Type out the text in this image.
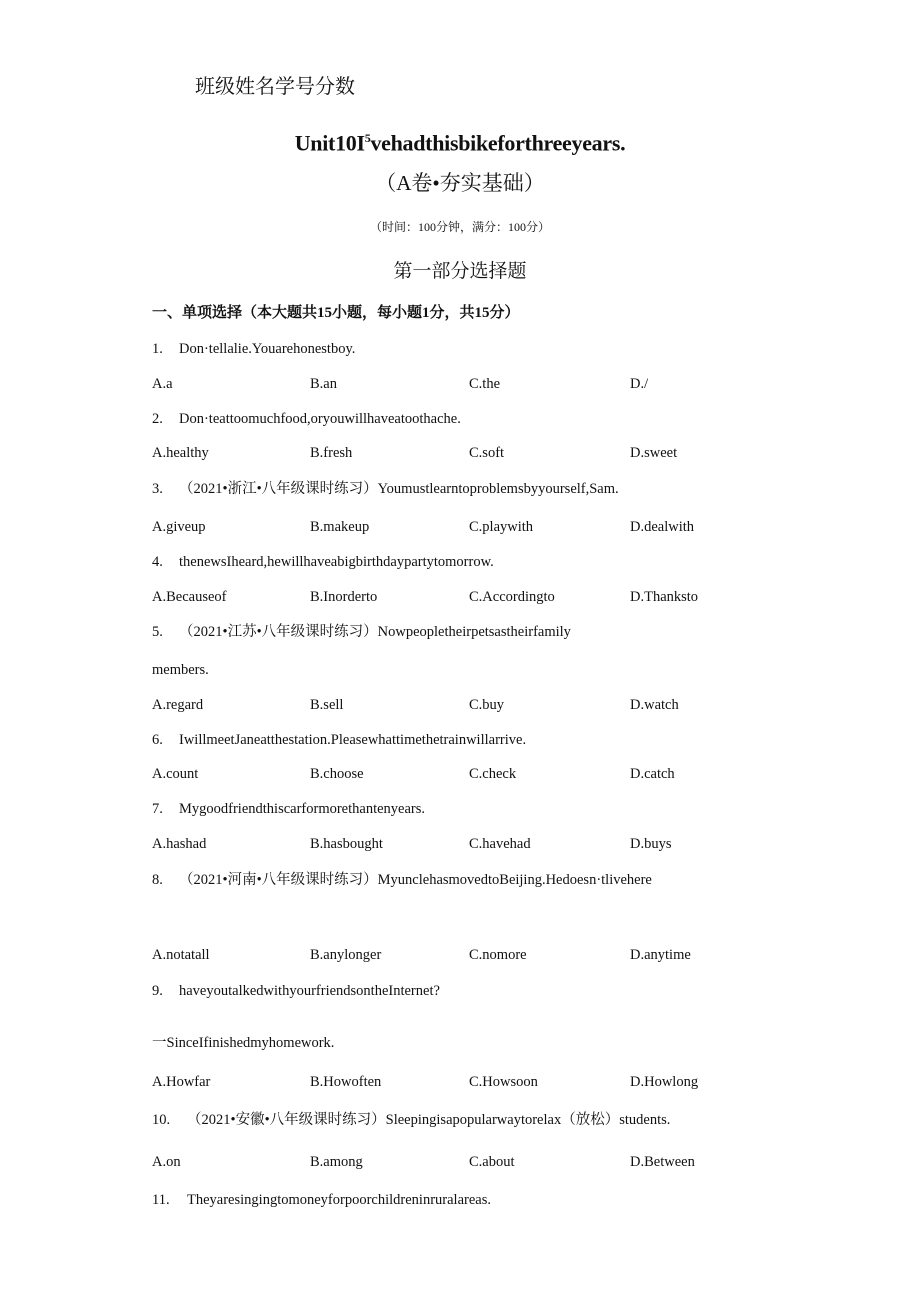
班级姓名学号分数
$Unit10I^5vehadthisbikeforthreeyears$.
（A卷•夯实基础）
（时间：100分钟，满分：100分）
第一部分选择题
一、单项选择（本大题共15小题，每小题1分，共15分）
1. Don·tellalie.Youarehonestboy.
A.a	B.an	C.the	D./
2. Don·teattoomuchfood,oryouwillhaveatoothache.
A.healthy	B.fresh	C.soft	D.sweet
3. （2021•浙江•八年级课时练习）Youmustlearntoproblemsbyyourself,Sam.
A.giveup	B.makeup	C.playwith	D.dealwith
4. thenewsIheard,hewillhaveabigbirthdaypartytomorrow.
A.Becauseof	B.Inorderto	C.Accordingto	D.Thanksto
5. （2021•江苏•八年级课时练习）Nowpeopletheirpetsastheirfamily
members.
A.regard	B.sell	C.buy	D.watch
6. IwillmeetJaneatthestation.Pleasewhattimethetrainwillarrive.
A.count	B.choose	C.check	D.catch
7. Mygoodfriendthiscarformorethantenyears.
A.hashad	B.hasbought	C.havehad	D.buys
8. （2021•河南•八年级课时练习）MyunclehasmovedtoBeijing.Hedoesn·tlivehere
A.notatall	B.anylonger	C.nomore	D.anytime
9. haveyoutalkedwithyourfriendsontheInternet?
一SinceIfinishedmyhomework.
A.Howfar	B.Howoften	C.Howsoon	D.Howlong
10. （2021•安徽•八年级课时练习）Sleepingisapopularwaytorelax（放松）students.
A.on	B.among	C.about	D.Between
11. Theyaresingingtomoneyforpoorchildreninruralareas.
